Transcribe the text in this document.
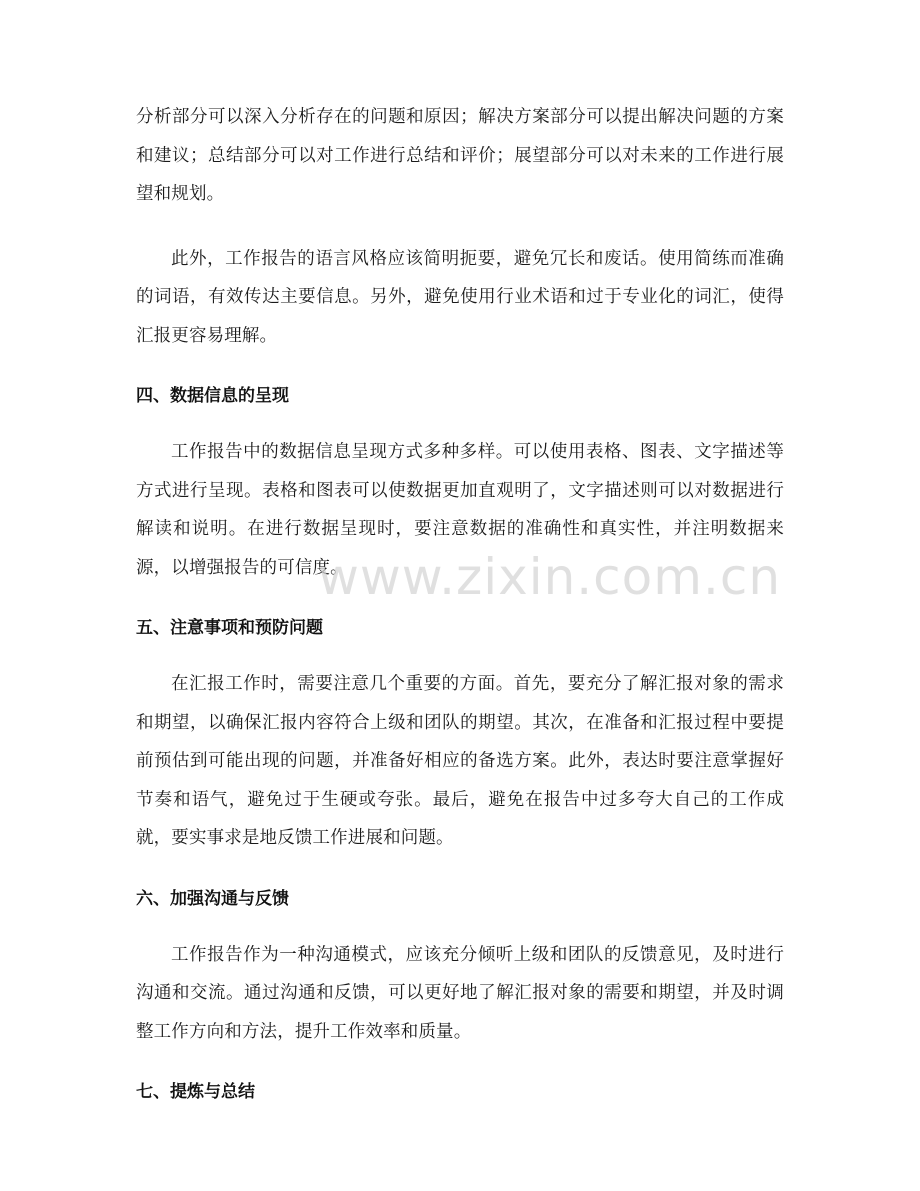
分析部分可以深入分析存在的问题和原因；解决方案部分可以提出解决问题的方案和建议；总结部分可以对工作进行总结和评价；展望部分可以对未来的工作进行展望和规划。

此外，工作报告的语言风格应该简明扼要，避免冗长和废话。使用简练而准确的词语，有效传达主要信息。另外，避免使用行业术语和过于专业化的词汇，使得汇报更容易理解。

四、数据信息的呈现

工作报告中的数据信息呈现方式多种多样。可以使用表格、图表、文字描述等方式进行呈现。表格和图表可以使数据更加直观明了，文字描述则可以对数据进行解读和说明。在进行数据呈现时，要注意数据的准确性和真实性，并注明数据来源，以增强报告的可信度。

五、注意事项和预防问题

在汇报工作时，需要注意几个重要的方面。首先，要充分了解汇报对象的需求和期望，以确保汇报内容符合上级和团队的期望。其次，在准备和汇报过程中要提前预估到可能出现的问题，并准备好相应的备选方案。此外，表达时要注意掌握好节奏和语气，避免过于生硬或夸张。最后，避免在报告中过多夸大自己的工作成就，要实事求是地反馈工作进展和问题。

六、加强沟通与反馈

工作报告作为一种沟通模式，应该充分倾听上级和团队的反馈意见，及时进行沟通和交流。通过沟通和反馈，可以更好地了解汇报对象的需要和期望，并及时调整工作方向和方法，提升工作效率和质量。

七、提炼与总结
www.zixin.com.cn
